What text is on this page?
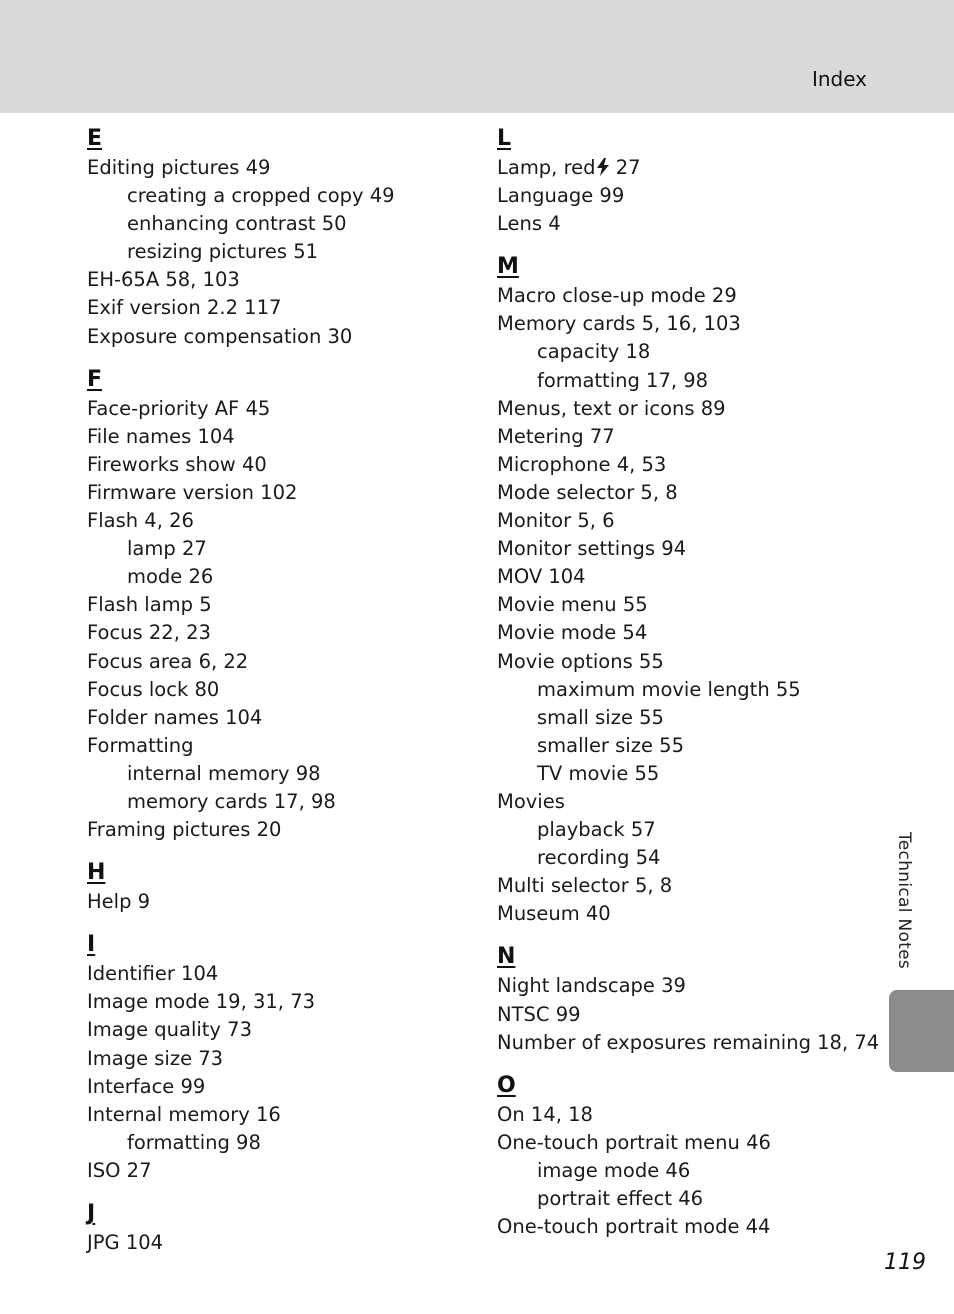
Index
E
Editing pictures 49
creating a cropped copy 49
enhancing contrast 50
resizing pictures 51
EH-65A 58, 103
Exif version 2.2 117
Exposure compensation 30
F
Face-priority AF 45
File names 104
Fireworks show 40
Firmware version 102
Flash 4, 26
lamp 27
mode 26
Flash lamp 5
Focus 22, 23
Focus area 6, 22
Focus lock 80
Folder names 104
Formatting
internal memory 98
memory cards 17, 98
Framing pictures 20
H
Help 9
I
Identifier 104
Image mode 19, 31, 73
Image quality 73
Image size 73
Interface 99
Internal memory 16
formatting 98
ISO 27
J
JPG 104
L
Lamp, red 27
Language 99
Lens 4
M
Macro close-up mode 29
Memory cards 5, 16, 103
capacity 18
formatting 17, 98
Menus, text or icons 89
Metering 77
Microphone 4, 53
Mode selector 5, 8
Monitor 5, 6
Monitor settings 94
MOV 104
Movie menu 55
Movie mode 54
Movie options 55
maximum movie length 55
small size 55
smaller size 55
TV movie 55
Movies
playback 57
recording 54
Multi selector 5, 8
Museum 40
N
Night landscape 39
NTSC 99
Number of exposures remaining 18, 74
O
On 14, 18
One-touch portrait menu 46
image mode 46
portrait effect 46
One-touch portrait mode 44
Technical Notes
119
